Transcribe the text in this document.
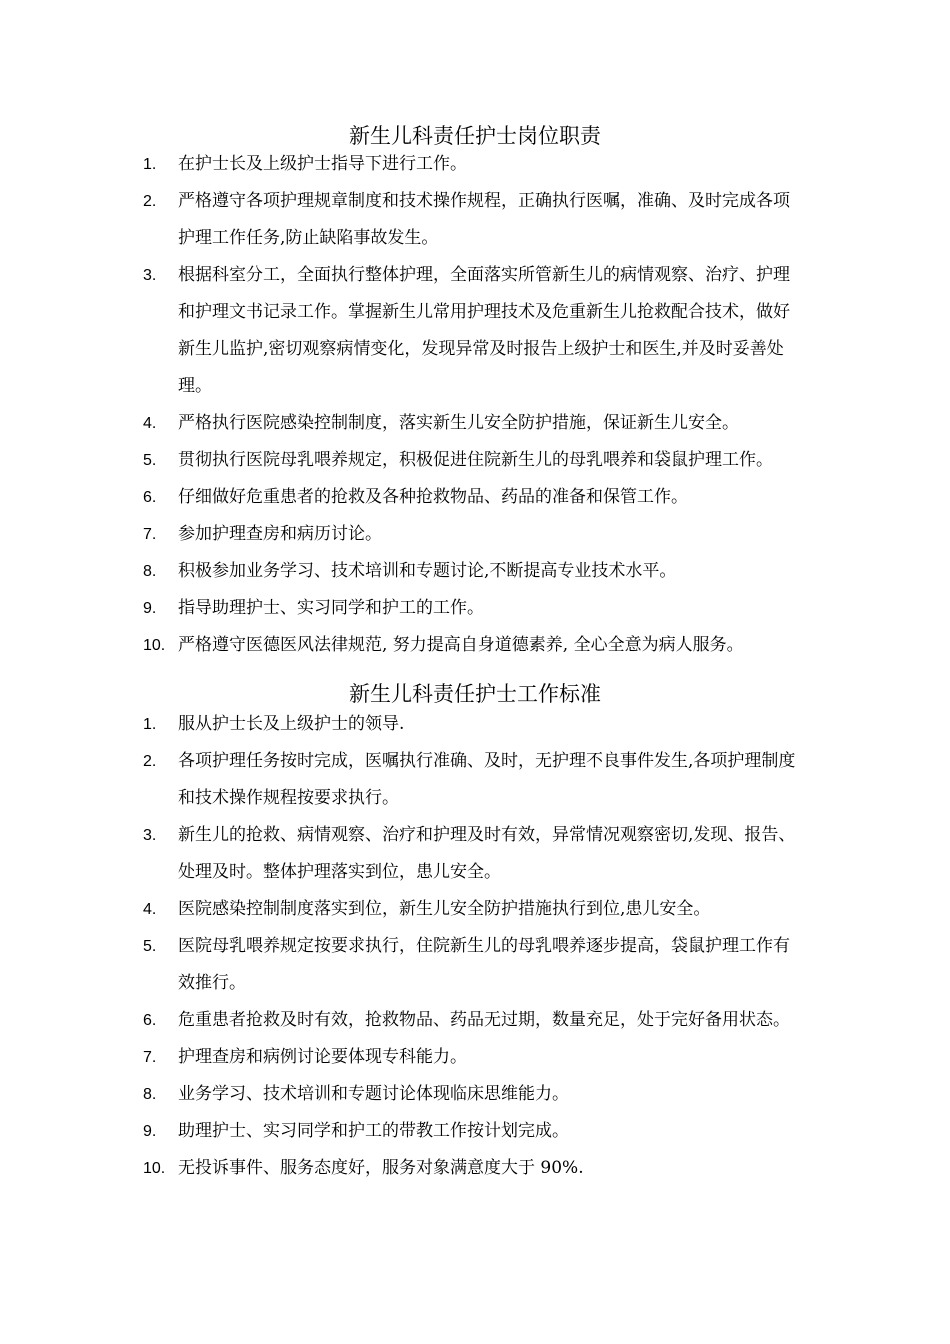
新生儿科责任护士岗位职责
1. 在护士长及上级护士指导下进行工作。
2. 严格遵守各项护理规章制度和技术操作规程，正确执行医嘱，准确、及时完成各项护理工作任务,防止缺陷事故发生。
3. 根据科室分工，全面执行整体护理，全面落实所管新生儿的病情观察、治疗、护理和护理文书记录工作。掌握新生儿常用护理技术及危重新生儿抢救配合技术，做好新生儿监护,密切观察病情变化，发现异常及时报告上级护士和医生,并及时妥善处理。
4. 严格执行医院感染控制制度，落实新生儿安全防护措施，保证新生儿安全。
5. 贯彻执行医院母乳喂养规定，积极促进住院新生儿的母乳喂养和袋鼠护理工作。
6. 仔细做好危重患者的抢救及各种抢救物品、药品的准备和保管工作。
7. 参加护理查房和病历讨论。
8. 积极参加业务学习、技术培训和专题讨论,不断提高专业技术水平。
9. 指导助理护士、实习同学和护工的工作。
10. 严格遵守医德医风法律规范, 努力提高自身道德素养, 全心全意为病人服务。
新生儿科责任护士工作标准
1. 服从护士长及上级护士的领导.
2. 各项护理任务按时完成，医嘱执行准确、及时，无护理不良事件发生,各项护理制度和技术操作规程按要求执行。
3. 新生儿的抢救、病情观察、治疗和护理及时有效，异常情况观察密切,发现、报告、处理及时。整体护理落实到位，患儿安全。
4. 医院感染控制制度落实到位，新生儿安全防护措施执行到位,患儿安全。
5. 医院母乳喂养规定按要求执行，住院新生儿的母乳喂养逐步提高，袋鼠护理工作有效推行。
6. 危重患者抢救及时有效，抢救物品、药品无过期，数量充足，处于完好备用状态。
7. 护理查房和病例讨论要体现专科能力。
8. 业务学习、技术培训和专题讨论体现临床思维能力。
9. 助理护士、实习同学和护工的带教工作按计划完成。
10. 无投诉事件、服务态度好，服务对象满意度大于 90%.
